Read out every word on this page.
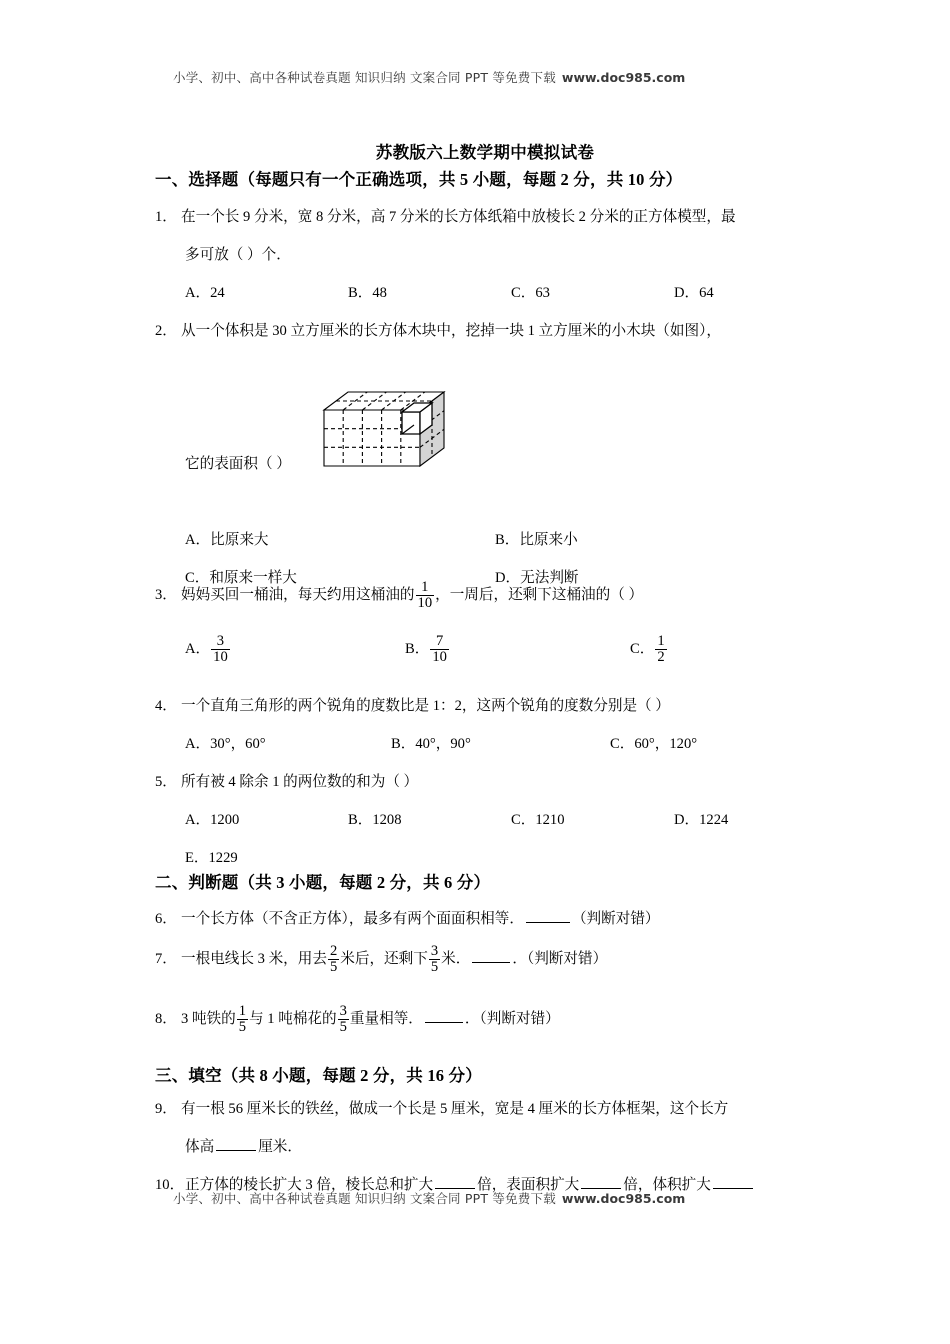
小学、初中、高中各种试卷真题 知识归纳 文案合同 PPT 等免费下载 www.doc985.com
苏教版六上数学期中模拟试卷
一、选择题（每题只有一个正确选项，共 5 小题，每题 2 分，共 10 分）
1． 在一个长 9 分米，宽 8 分米，高 7 分米的长方体纸箱中放棱长 2 分米的正方体模型，最
多可放（ ）个．
A．24	B．48	C．63	D．64
2． 从一个体积是 30 立方厘米的长方体木块中，挖掉一块 1 立方厘米的小木块（如图），
它的表面积（ ）
A．比原来大	B．比原来小
C．和原来一样大	D．无法判断
3． 妈妈买回一桶油，每天约用这桶油的 $\frac{1}{10}$ ，一周后，还剩下这桶油的（ ）
A． $\frac{3}{10}$	B． $\frac{7}{10}$	C． $\frac{1}{2}$
4． 一个直角三角形的两个锐角的度数比是 1：2，这两个锐角的度数分别是（ ）
A．30°，60°	B．40°，90°	C．60°，120°
5． 所有被 4 除余 1 的两位数的和为（ ）
A．1200	B．1208	C．1210	D．1224
E．1229
二、判断题（共 3 小题，每题 2 分，共 6 分）
6． 一个长方体（不含正方体），最多有两个面面积相等．	（判断对错）
7． 一根电线长 3 米，用去 $\frac{2}{5}$ 米后，还剩下 $\frac{3}{5}$ 米．	．（判断对错）
8． 3 吨铁的 $\frac{1}{5}$ 与 1 吨棉花的 $\frac{3}{5}$ 重量相等．	．（判断对错）
三、填空（共 8 小题，每题 2 分，共 16 分）
9． 有一根 56 厘米长的铁丝，做成一个长是 5 厘米，宽是 4 厘米的长方体框架，这个长方
体高	厘米．
10．正方体的棱长扩大 3 倍，棱长总和扩大	倍，表面积扩大	倍，体积扩大
小学、初中、高中各种试卷真题 知识归纳 文案合同 PPT 等免费下载 www.doc985.com
